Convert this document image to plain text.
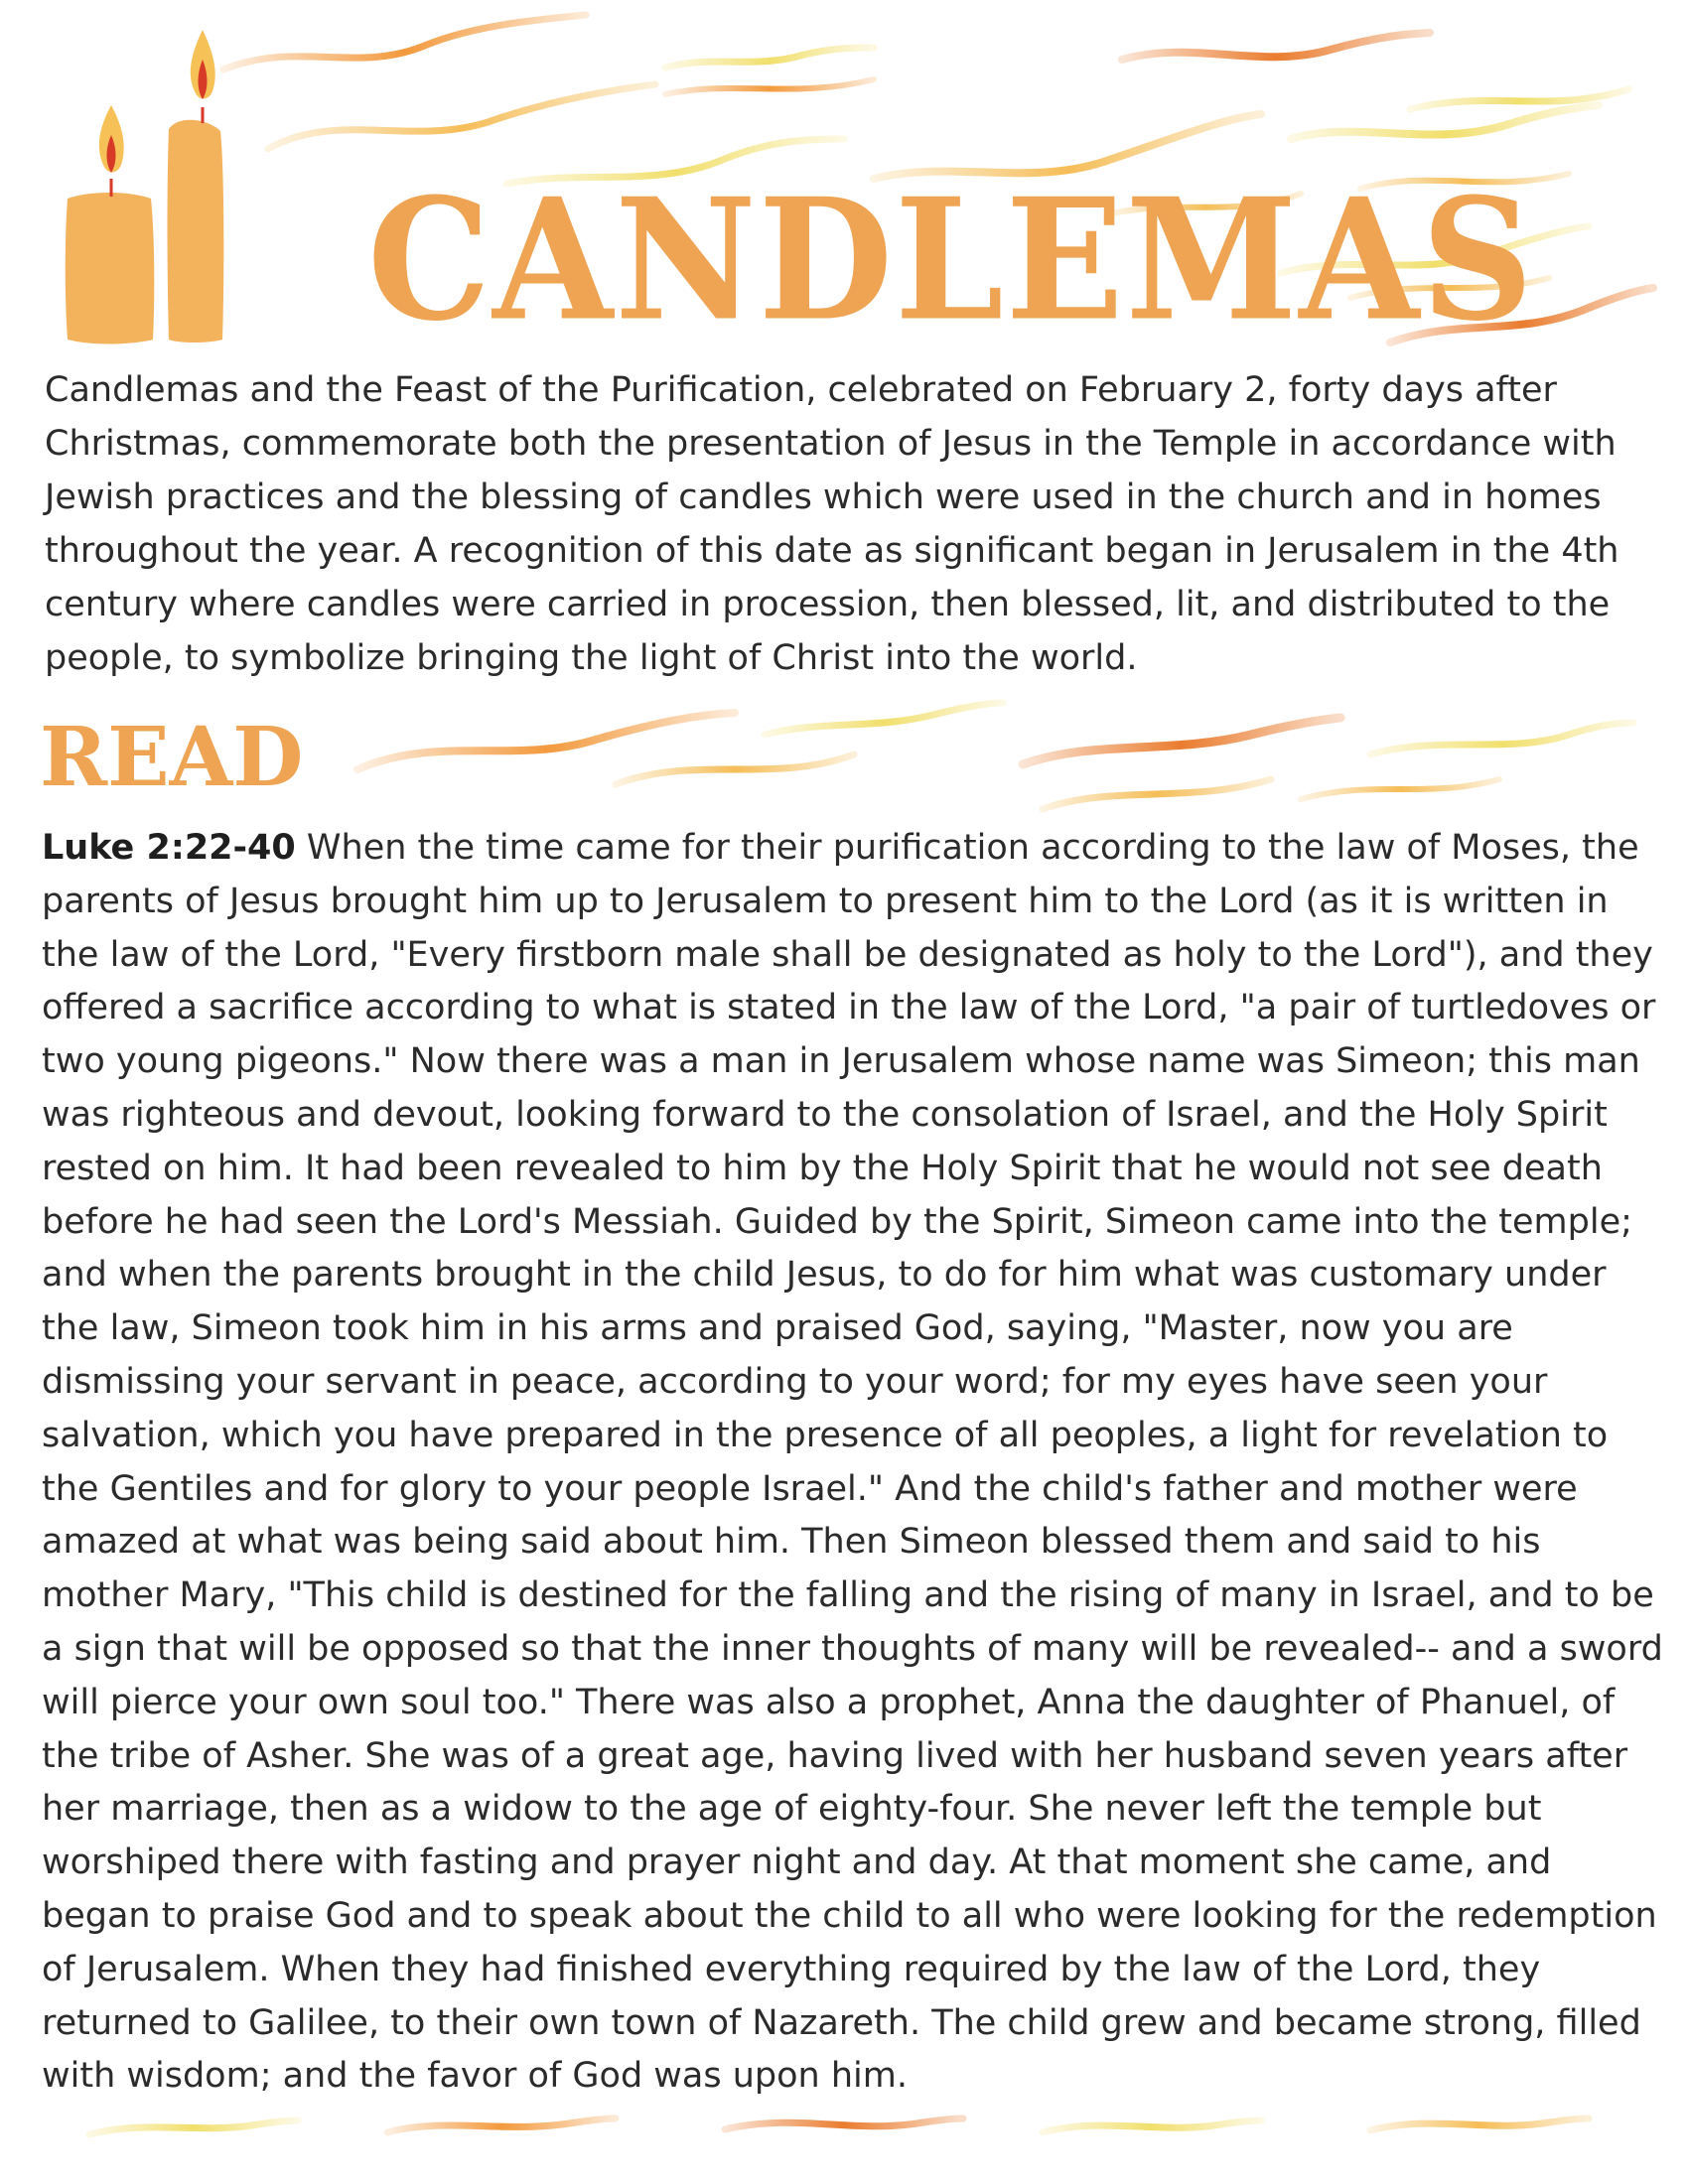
CANDLEMAS

Candlemas and the Feast of the Purification, celebrated on February 2, forty days after Christmas, commemorate both the presentation of Jesus in the Temple in accordance with Jewish practices and the blessing of candles which were used in the church and in homes throughout the year. A recognition of this date as significant began in Jerusalem in the 4th century where candles were carried in procession, then blessed, lit, and distributed to the people, to symbolize bringing the light of Christ into the world.

READ

Luke 2:22-40 When the time came for their purification according to the law of Moses, the parents of Jesus brought him up to Jerusalem to present him to the Lord (as it is written in the law of the Lord, "Every firstborn male shall be designated as holy to the Lord"), and they offered a sacrifice according to what is stated in the law of the Lord, "a pair of turtledoves or two young pigeons." Now there was a man in Jerusalem whose name was Simeon; this man was righteous and devout, looking forward to the consolation of Israel, and the Holy Spirit rested on him. It had been revealed to him by the Holy Spirit that he would not see death before he had seen the Lord's Messiah. Guided by the Spirit, Simeon came into the temple; and when the parents brought in the child Jesus, to do for him what was customary under the law, Simeon took him in his arms and praised God, saying, "Master, now you are dismissing your servant in peace, according to your word; for my eyes have seen your salvation, which you have prepared in the presence of all peoples, a light for revelation to the Gentiles and for glory to your people Israel." And the child's father and mother were amazed at what was being said about him. Then Simeon blessed them and said to his mother Mary, "This child is destined for the falling and the rising of many in Israel, and to be a sign that will be opposed so that the inner thoughts of many will be revealed-- and a sword will pierce your own soul too." There was also a prophet, Anna the daughter of Phanuel, of the tribe of Asher. She was of a great age, having lived with her husband seven years after her marriage, then as a widow to the age of eighty-four. She never left the temple but worshiped there with fasting and prayer night and day. At that moment she came, and began to praise God and to speak about the child to all who were looking for the redemption of Jerusalem. When they had finished everything required by the law of the Lord, they returned to Galilee, to their own town of Nazareth. The child grew and became strong, filled with wisdom; and the favor of God was upon him.
